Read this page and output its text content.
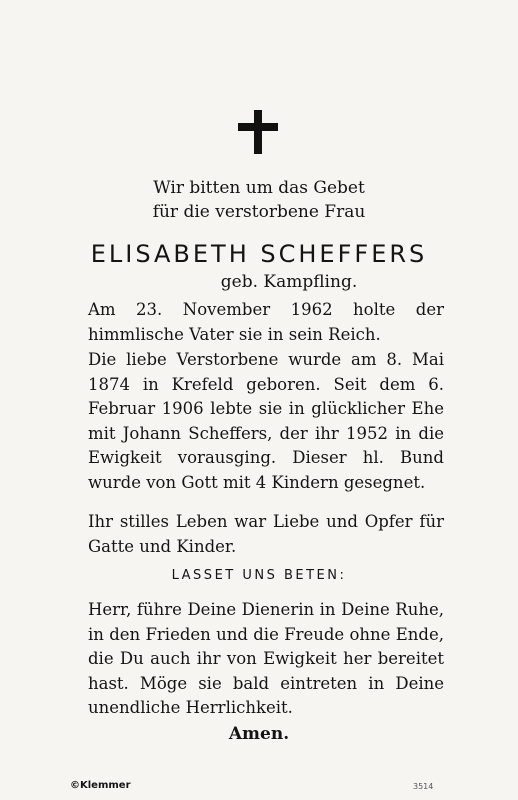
Wir bitten um das Gebet
für die verstorbene Frau
ELISABETH SCHEFFERS
geb. Kampfling.
Am 23. November 1962 holte der himmlische Vater sie in sein Reich.
Die liebe Verstorbene wurde am 8. Mai 1874 in Krefeld geboren. Seit dem 6. Februar 1906 lebte sie in glücklicher Ehe mit Johann Scheffers, der ihr 1952 in die Ewigkeit vorausging. Dieser hl. Bund wurde von Gott mit 4 Kindern gesegnet.
Ihr stilles Leben war Liebe und Opfer für Gatte und Kinder.
LASSET UNS BETEN:
Herr, führe Deine Dienerin in Deine Ruhe, in den Frieden und die Freude ohne Ende, die Du auch ihr von Ewigkeit her bereitet hast. Möge sie bald eintreten in Deine unendliche Herrlichkeit.
Amen.
©Klemmer	3514
